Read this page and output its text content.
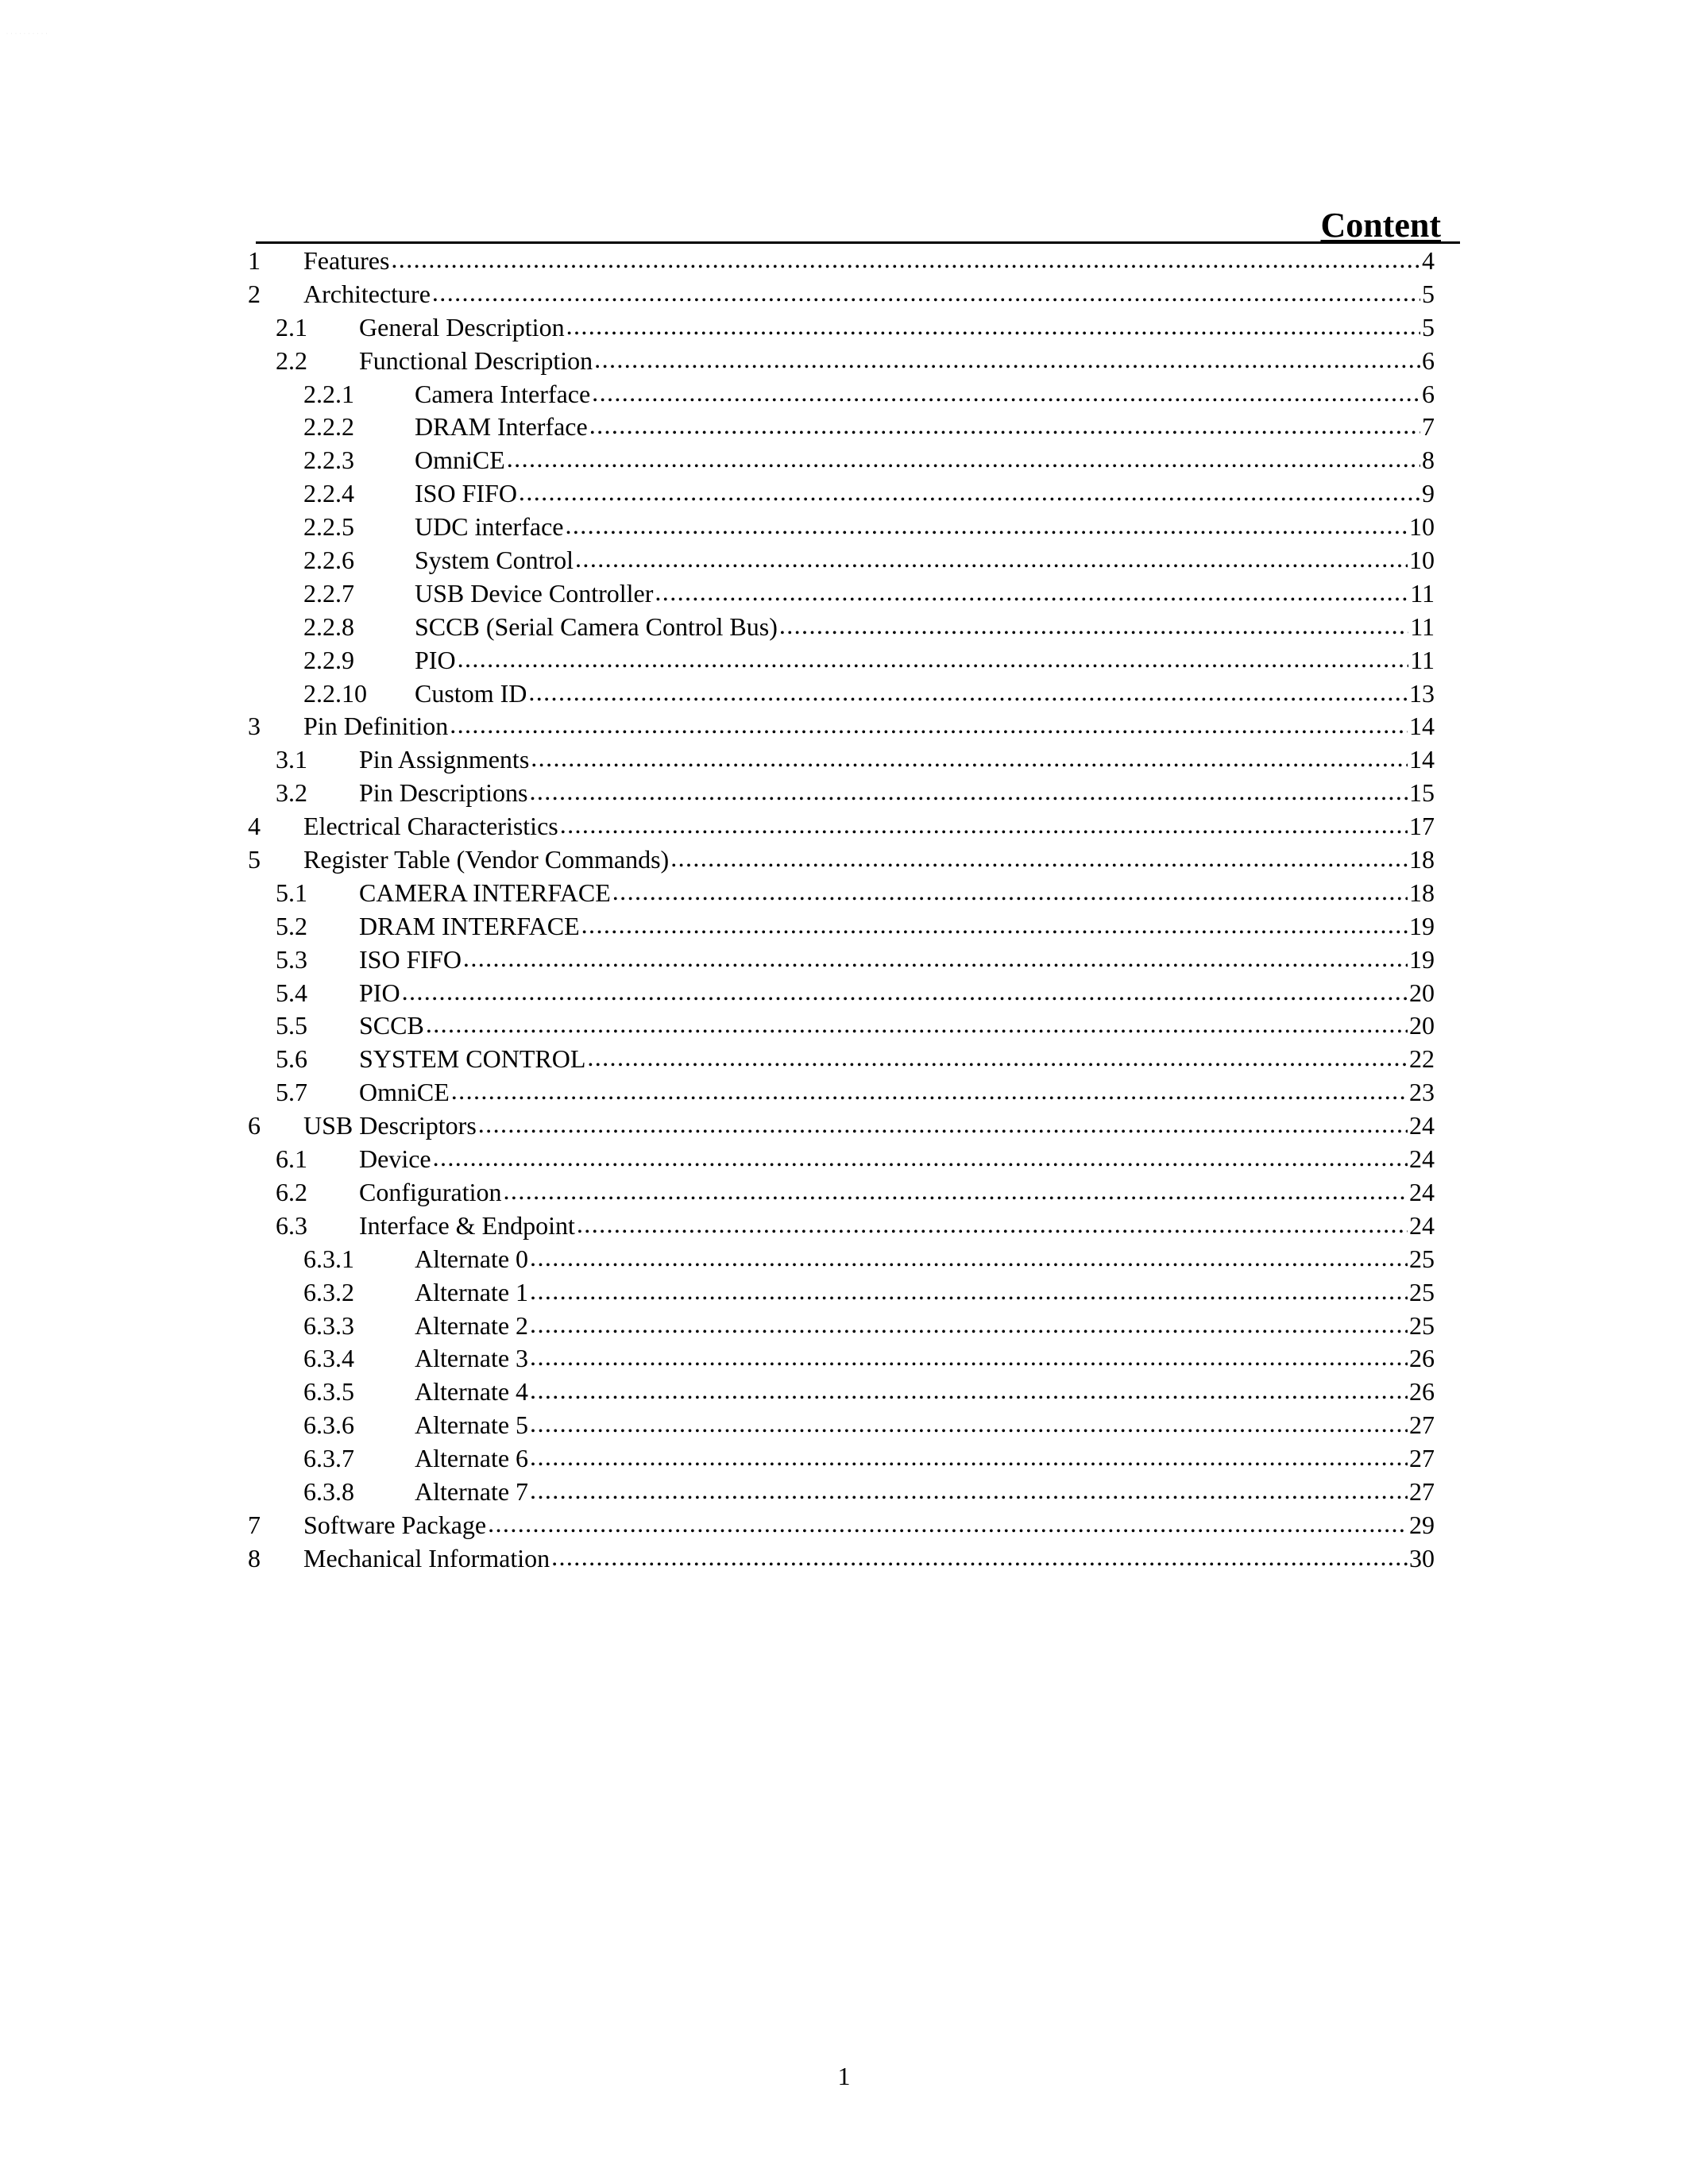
· · · · · · · · · ·
Content
1	Features .....	4
2	Architecture .....	5
2.1	General Description .....	5
2.2	Functional Description .....	6
2.2.1	Camera Interface .....	6
2.2.2	DRAM Interface .....	7
2.2.3	OmniCE .....	8
2.2.4	ISO FIFO .....	9
2.2.5	UDC interface .....	10
2.2.6	System Control .....	10
2.2.7	USB Device Controller .....	11
2.2.8	SCCB (Serial Camera Control Bus) .....	11
2.2.9	PIO .....	11
2.2.10	Custom ID .....	13
3	Pin Definition .....	14
3.1	Pin Assignments .....	14
3.2	Pin Descriptions .....	15
4	Electrical Characteristics .....	17
5	Register Table (Vendor Commands) .....	18
5.1	CAMERA INTERFACE .....	18
5.2	DRAM INTERFACE .....	19
5.3	ISO FIFO .....	19
5.4	PIO .....	20
5.5	SCCB .....	20
5.6	SYSTEM CONTROL .....	22
5.7	OmniCE .....	23
6	USB Descriptors .....	24
6.1	Device .....	24
6.2	Configuration .....	24
6.3	Interface & Endpoint .....	24
6.3.1	Alternate 0 .....	25
6.3.2	Alternate 1 .....	25
6.3.3	Alternate 2 .....	25
6.3.4	Alternate 3 .....	26
6.3.5	Alternate 4 .....	26
6.3.6	Alternate 5 .....	27
6.3.7	Alternate 6 .....	27
6.3.8	Alternate 7 .....	27
7	Software Package .....	29
8	Mechanical Information .....	30
1
